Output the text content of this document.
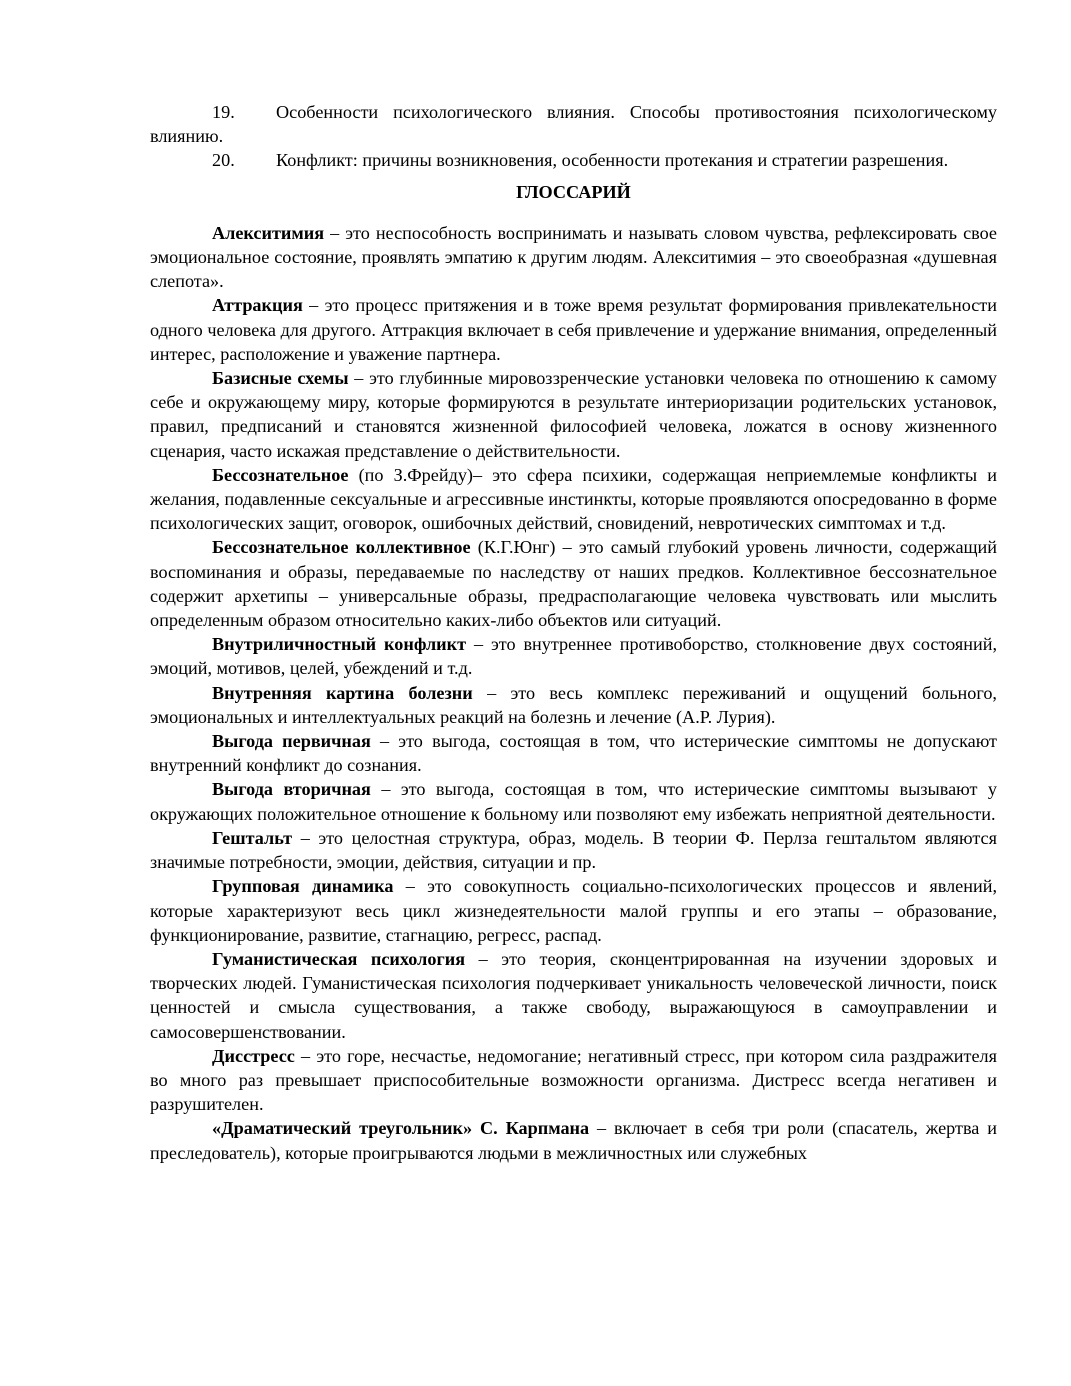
19. Особенности психологического влияния. Способы противостояния психологическому влиянию.

20. Конфликт: причины возникновения, особенности протекания и стратегии разрешения.

ГЛОССАРИЙ

Алекситимия – это неспособность воспринимать и называть словом чувства, рефлексировать свое эмоциональное состояние, проявлять эмпатию к другим людям. Алекситимия – это своеобразная «душевная слепота».

Аттракция – это процесс притяжения и в тоже время результат формирования привлекательности одного человека для другого. Аттракция включает в себя привлечение и удержание внимания, определенный интерес, расположение и уважение партнера.

Базисные схемы – это глубинные мировоззренческие установки человека по отношению к самому себе и окружающему миру, которые формируются в результате интериоризации родительских установок, правил, предписаний и становятся жизненной философией человека, ложатся в основу жизненного сценария, часто искажая представление о действительности.

Бессознательное (по З.Фрейду)– это сфера психики, содержащая неприемлемые конфликты и желания, подавленные сексуальные и агрессивные инстинкты, которые проявляются опосредованно в форме психологических защит, оговорок, ошибочных действий, сновидений, невротических симптомах и т.д.

Бессознательное коллективное (К.Г.Юнг) – это самый глубокий уровень личности, содержащий воспоминания и образы, передаваемые по наследству от наших предков. Коллективное бессознательное содержит архетипы – универсальные образы, предрасполагающие человека чувствовать или мыслить определенным образом относительно каких-либо объектов или ситуаций.

Внутриличностный конфликт – это внутреннее противоборство, столкновение двух состояний, эмоций, мотивов, целей, убеждений и т.д.

Внутренняя картина болезни – это весь комплекс переживаний и ощущений больного, эмоциональных и интеллектуальных реакций на болезнь и лечение (А.Р. Лурия).

Выгода первичная – это выгода, состоящая в том, что истерические симптомы не допускают внутренний конфликт до сознания.

Выгода вторичная – это выгода, состоящая в том, что истерические симптомы вызывают у окружающих положительное отношение к больному или позволяют ему избежать неприятной деятельности.

Гештальт – это целостная структура, образ, модель. В теории Ф. Перлза гештальтом являются значимые потребности, эмоции, действия, ситуации и пр.

Групповая динамика – это совокупность социально-психологических процессов и явлений, которые характеризуют весь цикл жизнедеятельности малой группы и его этапы – образование, функционирование, развитие, стагнацию, регресс, распад.

Гуманистическая психология – это теория, сконцентрированная на изучении здоровых и творческих людей. Гуманистическая психология подчеркивает уникальность человеческой личности, поиск ценностей и смысла существования, а также свободу, выражающуюся в самоуправлении и самосовершенствовании.

Дисстресс – это горе, несчастье, недомогание; негативный стресс, при котором сила раздражителя во много раз превышает приспособительные возможности организма. Дистресс всегда негативен и разрушителен.

«Драматический треугольник» С. Карпмана – включает в себя три роли (спасатель, жертва и преследователь), которые проигрываются людьми в межличностных или служебных
